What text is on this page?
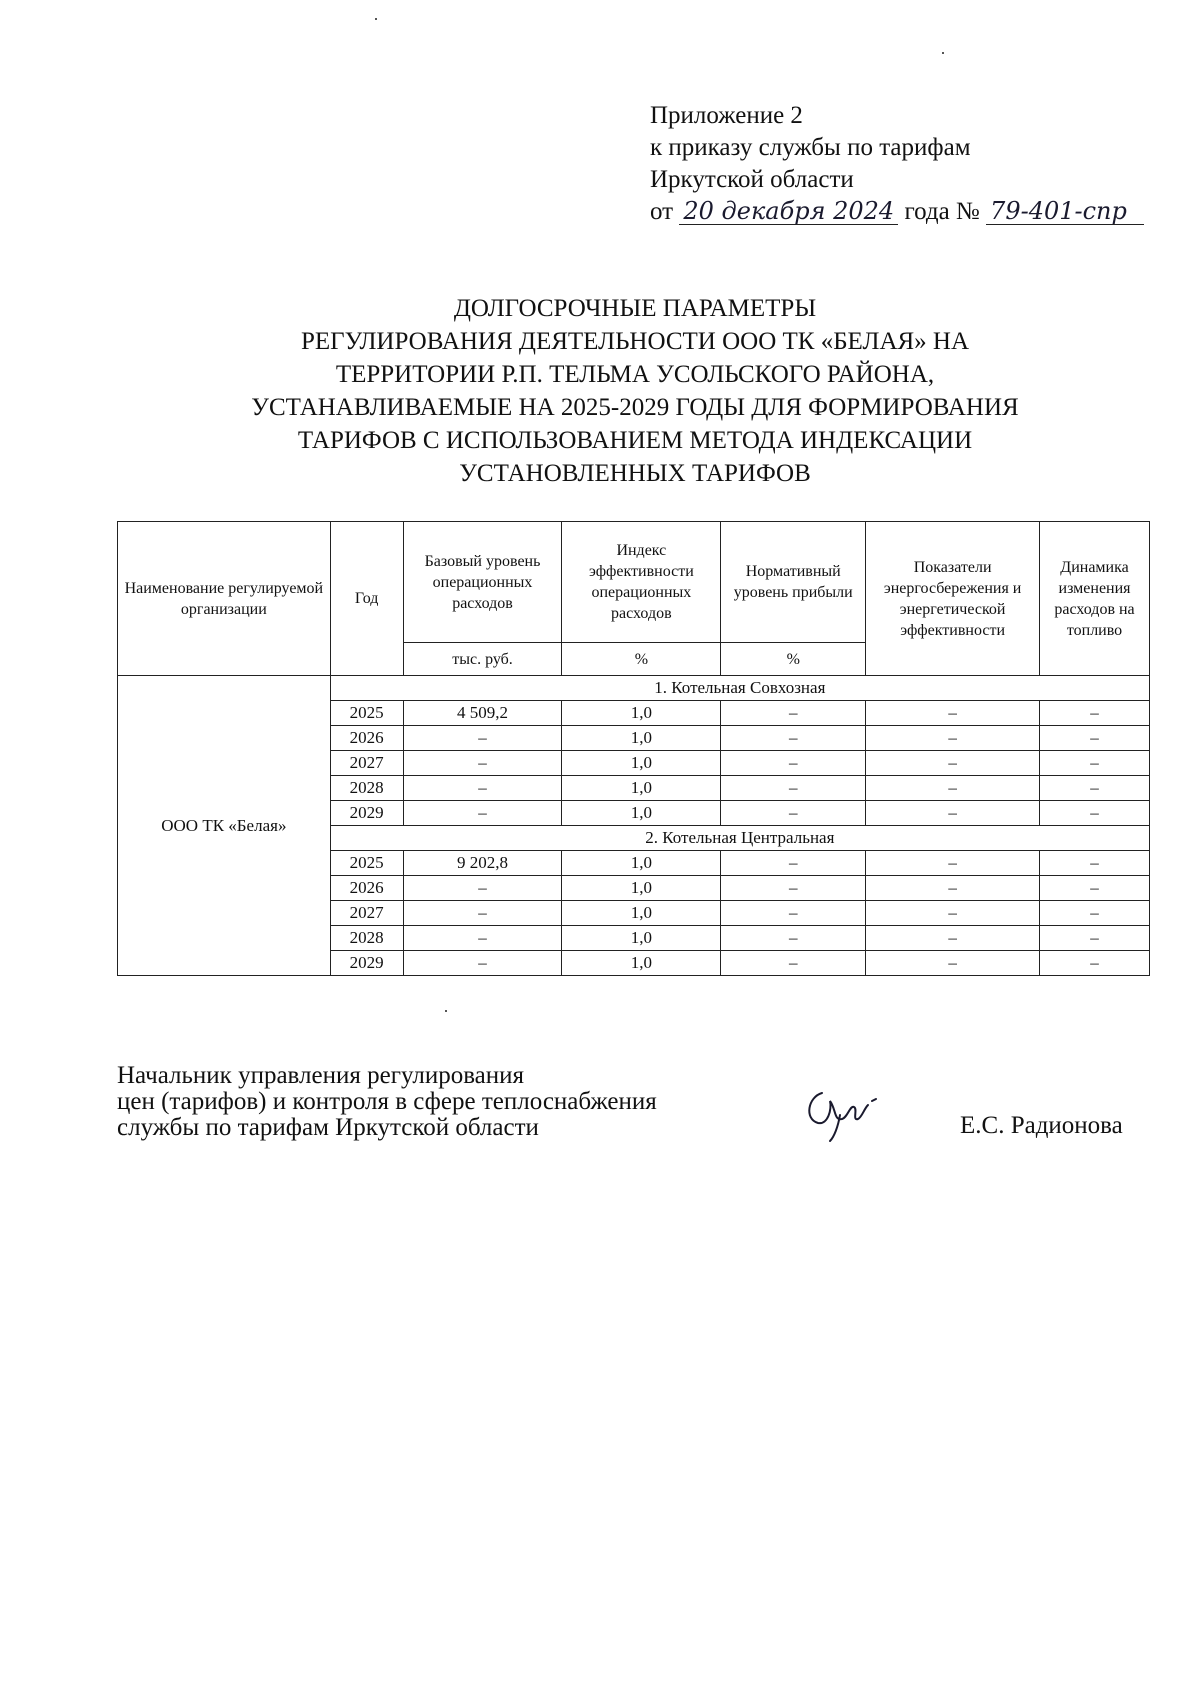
Приложение 2
к приказу службы по тарифам
Иркутской области
от 20 декабря 2024 года № 79-401-спр
ДОЛГОСРОЧНЫЕ ПАРАМЕТРЫ
РЕГУЛИРОВАНИЯ ДЕЯТЕЛЬНОСТИ ООО ТК «БЕЛАЯ» НА
ТЕРРИТОРИИ Р.П. ТЕЛЬМА УСОЛЬСКОГО РАЙОНА,
УСТАНАВЛИВАЕМЫЕ НА 2025-2029 ГОДЫ ДЛЯ ФОРМИРОВАНИЯ
ТАРИФОВ С ИСПОЛЬЗОВАНИЕМ МЕТОДА ИНДЕКСАЦИИ
УСТАНОВЛЕННЫХ ТАРИФОВ
Наименование регулируемой организации	Год	Базовый уровень операционных расходов	Индекс эффективности операционных расходов	Нормативный уровень прибыли	Показатели энергосбережения и энергетической эффективности	Динамика изменения расходов на топливо
		тыс. руб.	%	%		
ООО ТК «Белая»	1. Котельная Совхозная					
	2025	4 509,2	1,0	–	–	–
	2026	–	1,0	–	–	–
	2027	–	1,0	–	–	–
	2028	–	1,0	–	–	–
	2029	–	1,0	–	–	–
	2. Котельная Центральная					
	2025	9 202,8	1,0	–	–	–
	2026	–	1,0	–	–	–
	2027	–	1,0	–	–	–
	2028	–	1,0	–	–	–
	2029	–	1,0	–	–	–
Начальник управления регулирования
цен (тарифов) и контроля в сфере теплоснабжения
службы по тарифам Иркутской области	Е.С. Радионова
